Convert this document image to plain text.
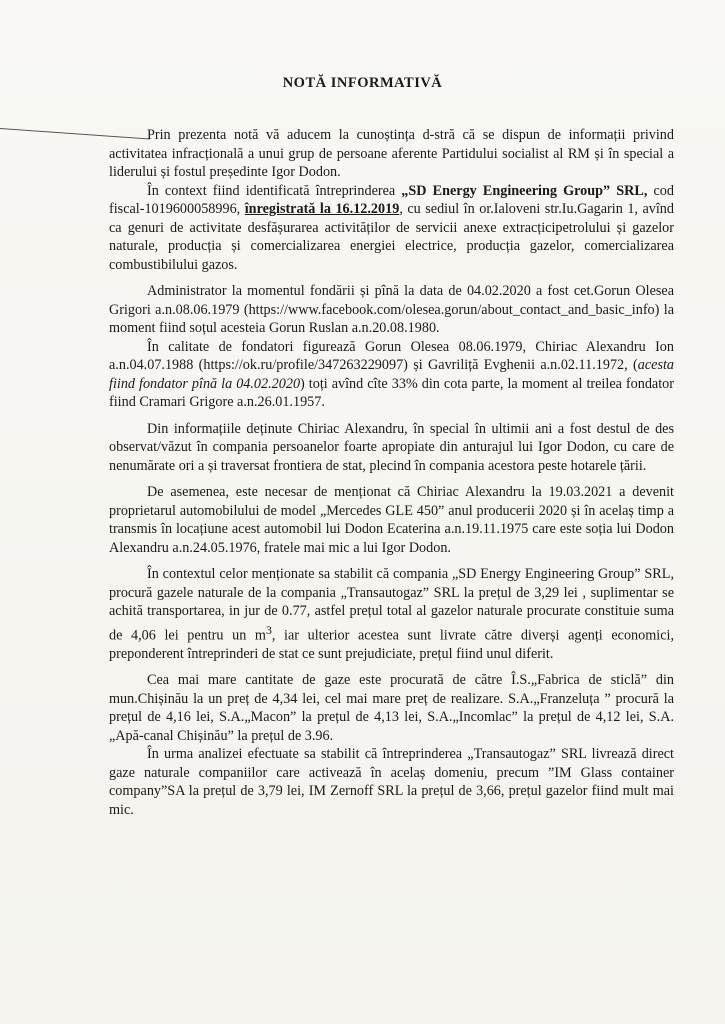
NOTĂ INFORMATIVĂ

Prin prezenta notă vă aducem la cunoștința d-stră că se dispun de informații privind activitatea infracțională a unui grup de persoane aferente Partidului socialist al RM și în special a liderului și fostul președinte Igor Dodon.

În context fiind identificată întreprinderea „SD Energy Engineering Group” SRL, cod fiscal-1019600058996, înregistrată la 16.12.2019, cu sediul în or.Ialoveni str.Iu.Gagarin 1, avînd ca genuri de activitate desfășurarea activităților de servicii anexe extracțicipetrolului și gazelor naturale, producția și comercializarea energiei electrice, producția gazelor, comercializarea combustibilului gazos.

Administrator la momentul fondării și pînă la data de 04.02.2020 a fost cet.Gorun Olesea Grigori a.n.08.06.1979 (https://www.facebook.com/olesea.gorun/about_contact_and_basic_info) la moment fiind soțul acesteia Gorun Ruslan a.n.20.08.1980.

În calitate de fondatori figurează Gorun Olesea 08.06.1979, Chiriac Alexandru Ion a.n.04.07.1988 (https://ok.ru/profile/347263229097) și Gavriliță Evghenii a.n.02.11.1972, (acesta fiind fondator pînă la 04.02.2020) toți avînd cîte 33% din cota parte, la moment al treilea fondator fiind Cramari Grigore a.n.26.01.1957.

Din informațiile deținute Chiriac Alexandru, în special în ultimii ani a fost destul de des observat/văzut în compania persoanelor foarte apropiate din anturajul lui Igor Dodon, cu care de nenumărate ori a și traversat frontiera de stat, plecind în compania acestora peste hotarele țării.

De asemenea, este necesar de menționat că Chiriac Alexandru la 19.03.2021 a devenit proprietarul automobilului de model „Mercedes GLE 450” anul producerii 2020 și în acelaș timp a transmis în locațiune acest automobil lui Dodon Ecaterina a.n.19.11.1975 care este soția lui Dodon Alexandru a.n.24.05.1976, fratele mai mic a lui Igor Dodon.

În contextul celor menționate sa stabilit că compania „SD Energy Engineering Group” SRL, procură gazele naturale de la compania „Transautogaz” SRL la prețul de 3,29 lei , suplimentar se achită transportarea, in jur de 0.77, astfel prețul total al gazelor naturale procurate constituie suma de 4,06 lei pentru un $m^3$, iar ulterior acestea sunt livrate către diverși agenți economici, preponderent întreprinderi de stat ce sunt prejudiciate, prețul fiind unul diferit.

Cea mai mare cantitate de gaze este procurată de către Î.S.„Fabrica de sticlă” din mun.Chișinău la un preț de 4,34 lei, cel mai mare preț de realizare. S.A.„Franzeluța ” procură la prețul de 4,16 lei, S.A.„Macon” la prețul de 4,13 lei, S.A.„Incomlac” la prețul de 4,12 lei, S.A. „Apă-canal Chișinău” la prețul de 3.96.

În urma analizei efectuate sa stabilit că întreprinderea „Transautogaz” SRL livrează direct gaze naturale companiilor care activează în acelaș domeniu, precum ”IM Glass container company”SA la prețul de 3,79 lei, IM Zernoff SRL la prețul de 3,66, prețul gazelor fiind mult mai mic.
